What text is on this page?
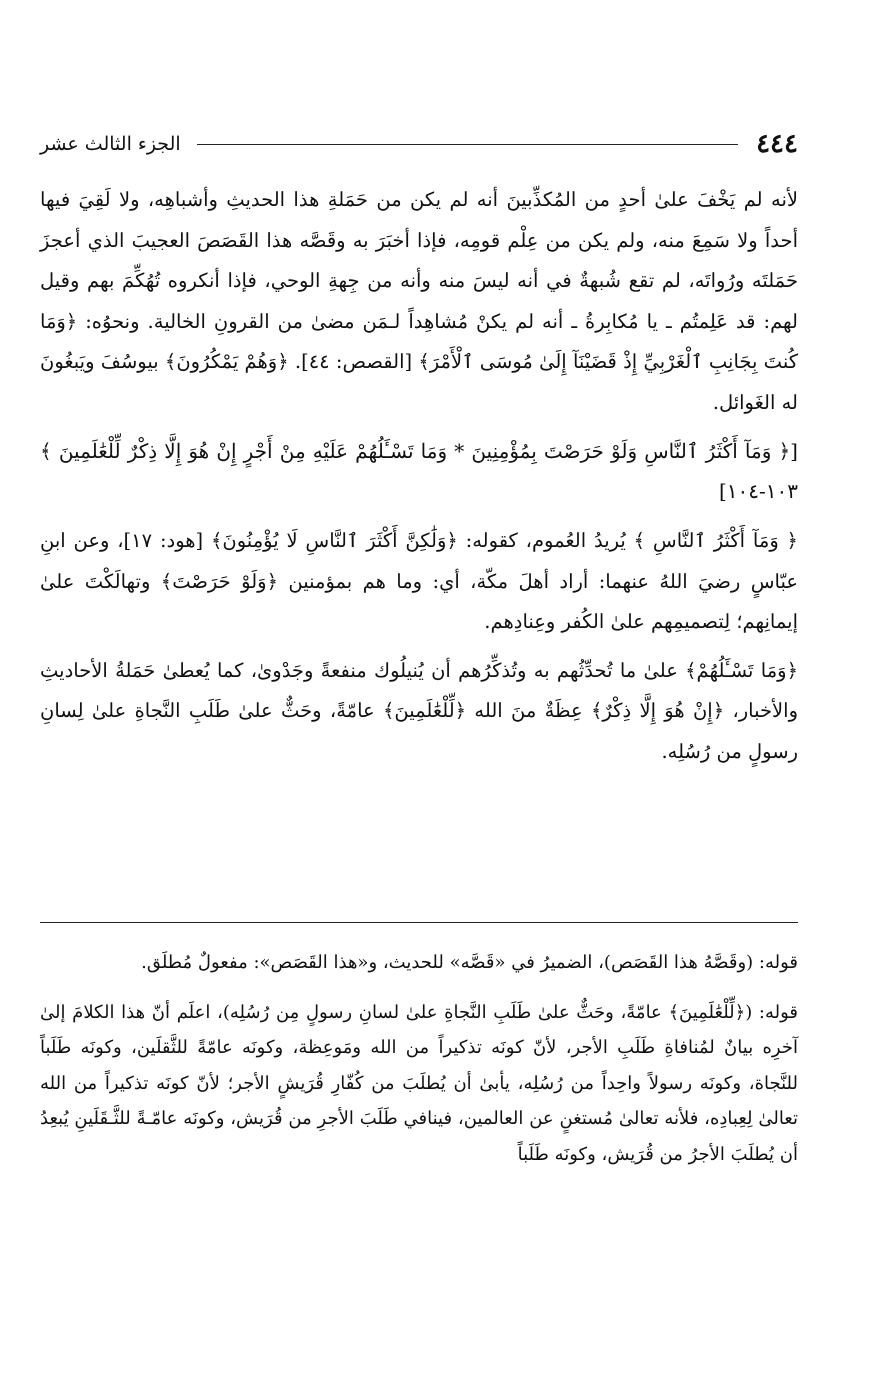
٤٤٤
الجزء الثالث عشر

لأنه لم يَخْفَ علىٰ أحدٍ من المُكذِّبينَ أنه لم يكن من حَمَلةِ هذا الحديثِ وأشباهِه، ولا لَقِيَ فيها أحداً ولا سَمِعَ منه، ولم يكن من عِلْم قومِه، فإذا أخبَرَ به وقَصَّه هذا القَصَصَ العجيبَ الذي أعجزَ حَمَلتَه ورُواتَه، لم تقع شُبهةٌ في أنه ليسَ منه وأنه من جِهةِ الوحي، فإذا أنكروه تُهُكِّمَ بهم وقيل لهم: قد عَلِمتُم ـ يا مُكابِرةُ ـ أنه لم يكنْ مُشاهِداً لـمَن مضىٰ من القرونِ الخالية. ونحوُه: ﴿وَمَا كُنتَ بِجَانِبِ ٱلْغَرْبِيِّ إِذْ قَضَيْنَآ إِلَىٰ مُوسَى ٱلْأَمْرَ﴾ [القصص: ٤٤]. ﴿وَهُمْ يَمْكُرُونَ﴾ بيوسُفَ ويَبغُونَ له الغَوائل.

[﴿ وَمَآ أَكْثَرُ ٱلنَّاسِ وَلَوْ حَرَصْتَ بِمُؤْمِنِينَ * وَمَا تَسْـَٔلُهُمْ عَلَيْهِ مِنْ أَجْرٍ إِنْ هُوَ إِلَّا ذِكْرٌ لِّلْعَٰلَمِينَ ﴾ ١٠٣-١٠٤]

﴿ وَمَآ أَكْثَرُ ٱلنَّاسِ ﴾ يُريدُ العُموم، كقوله: ﴿وَلَٰكِنَّ أَكْثَرَ ٱلنَّاسِ لَا يُؤْمِنُونَ﴾ [هود: ١٧]، وعن ابنِ عبّاسٍ رضيَ اللهُ عنهما: أراد أهلَ مكّة، أي: وما هم بمؤمنين ﴿وَلَوْ حَرَصْتَ﴾ وتهالَكْتَ علىٰ إيمانِهم؛ لِتصميمِهم علىٰ الكُفر وعِنادِهم.

﴿وَمَا تَسْـَٔلُهُمْ﴾ علىٰ ما تُحدِّثُهم به وتُذكِّرُهم أن يُنيلُوك منفعةً وجَدْوىٰ، كما يُعطىٰ حَمَلةُ الأحاديثِ والأخبار، ﴿إِنْ هُوَ إِلَّا ذِكْرٌ﴾ عِظَةٌ منَ الله ﴿لِّلْعَٰلَمِينَ﴾ عامّةً، وحَثٌّ علىٰ طَلَبِ النَّجاةِ علىٰ لِسانِ رسولٍ من رُسُلِه.

قوله: (وقَصَّهُ هذا القَصَص)، الضميرُ في «قَصَّه» للحديث، و«هذا القَصَص»: مفعولٌ مُطلَق.

قوله: (﴿لِّلْعَٰلَمِينَ﴾ عامّةً، وحَثٌّ علىٰ طَلَبِ النَّجاةِ علىٰ لسانِ رسولٍ مِن رُسُلِه)، اعلَم أنّ هذا الكلامَ إلىٰ آخرِه بيانٌ لمُنافاةِ طَلَبِ الأجر، لأنّ كونَه تذكيراً من الله ومَوعِظة، وكونَه عامّةً للثَّقلَين، وكونَه طَلَباً للنَّجاة، وكونَه رسولاً واحِداً من رُسُلِه، يأبىٰ أن يُطلَبَ من كُفّارِ قُرَيشٍ الأجر؛ لأنّ كونَه تذكيراً من الله تعالىٰ لِعِبادِه، فلأنه تعالىٰ مُستغنٍ عن العالمين، فينافي طَلَبَ الأجرِ من قُرَيش، وكونَه عامّـةً للثَّـقَلَينِ يُبعِدُ أن يُطلَبَ الأجرُ من قُرَيش، وكونَه طَلَباً
